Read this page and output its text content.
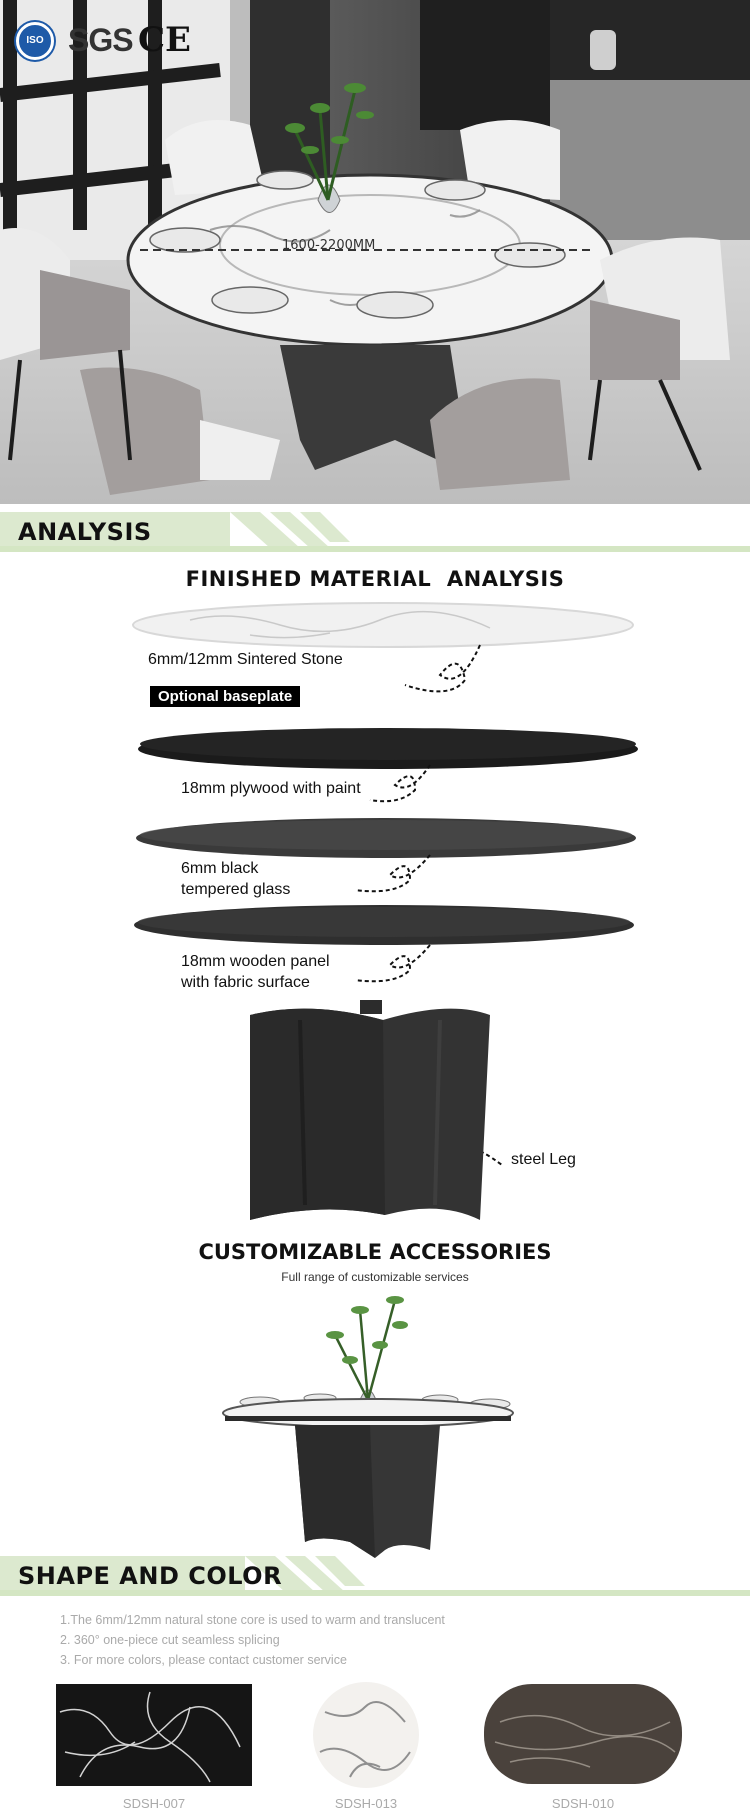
ISO SGS CE
1600-2200MM
ANALYSIS
FINISHED MATERIAL  ANALYSIS
6mm/12mm Sintered Stone
Optional baseplate
18mm plywood with paint
6mm black
tempered glass
18mm wooden panel
with fabric surface
steel Leg
CUSTOMIZABLE ACCESSORIES
Full range of customizable services
SHAPE AND COLOR
1.The 6mm/12mm natural stone core is used to warm and translucent
2. 360° one-piece cut seamless splicing
3. For more colors, please contact customer service
SDSH-007	SDSH-013	SDSH-010
